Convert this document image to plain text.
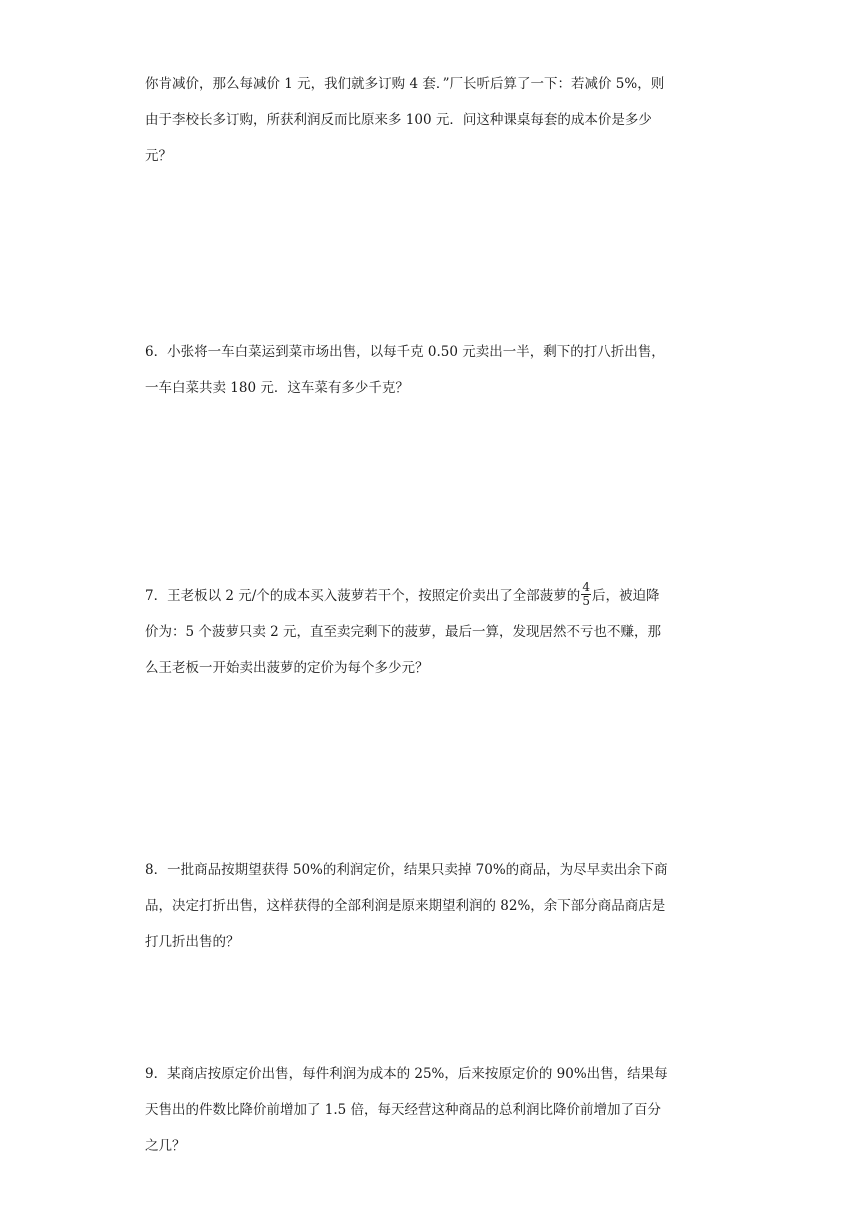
你肯减价，那么每减价 1 元，我们就多订购 4 套．”厂长听后算了一下：若减价 5%，则
由于李校长多订购，所获利润反而比原来多 100 元．问这种课桌每套的成本价是多少
元？
6．小张将一车白菜运到菜市场出售，以每千克 0.50 元卖出一半，剩下的打八折出售，
一车白菜共卖 180 元．这车菜有多少千克？
7．王老板以 2 元/个的成本买入菠萝若干个，按照定价卖出了全部菠萝的 $\frac{4}{5}$ 后，被迫降
价为：5 个菠萝只卖 2 元，直至卖完剩下的菠萝，最后一算，发现居然不亏也不赚，那
么王老板一开始卖出菠萝的定价为每个多少元？
8．一批商品按期望获得 50%的利润定价，结果只卖掉 70%的商品，为尽早卖出余下商
品，决定打折出售，这样获得的全部利润是原来期望利润的 82%，余下部分商品商店是
打几折出售的？
9．某商店按原定价出售，每件利润为成本的 25%，后来按原定价的 90%出售，结果每
天售出的件数比降价前增加了 1.5 倍，每天经营这种商品的总利润比降价前增加了百分
之几？
